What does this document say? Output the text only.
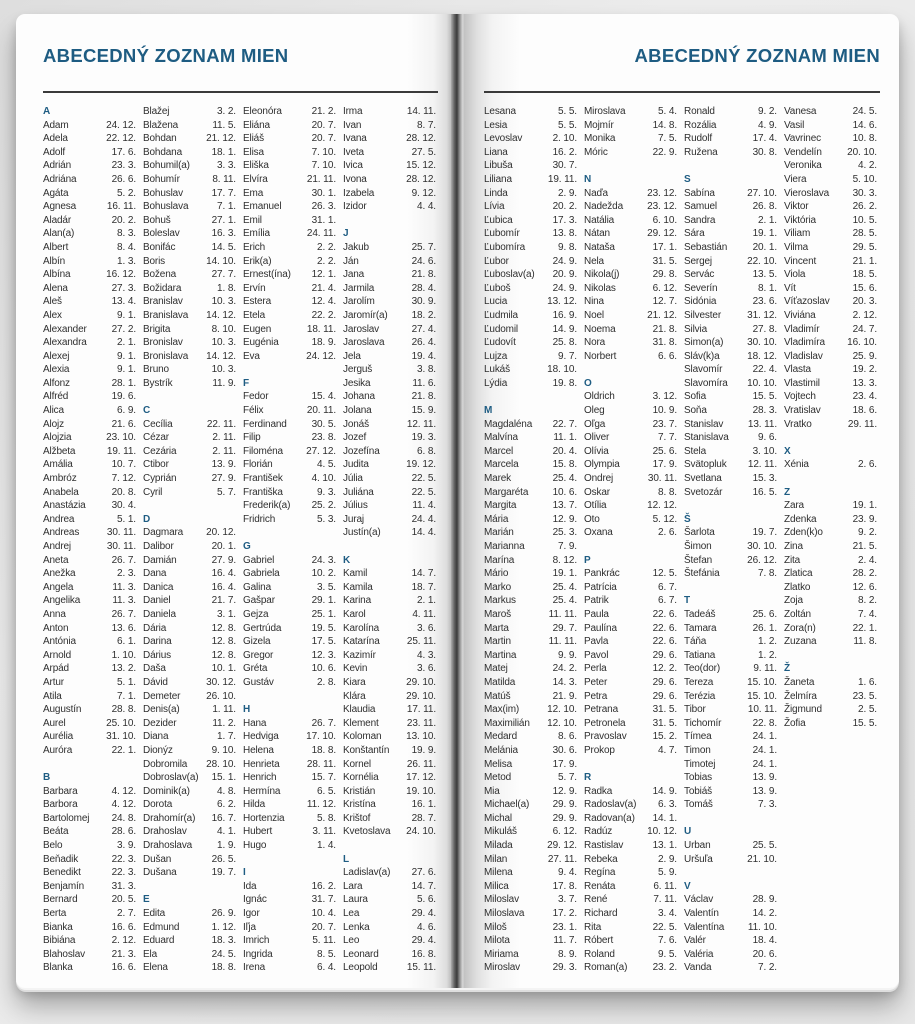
ABECEDNÝ ZOZNAM MIEN
A
Adam	24. 12.
Adela	22. 12.
Adolf	17. 6.
Adrián	23. 3.
Adriána	26. 6.
Agáta	5. 2.
Agnesa	16. 11.
Aladár	20. 2.
Alan(a)	8. 3.
Albert	8. 4.
Albín	1. 3.
Albína	16. 12.
Alena	27. 3.
Aleš	13. 4.
Alex	9. 1.
Alexander 27. 2.
Alexandra	2. 1.
Alexej	9. 1.
Alexia	9. 1.
Alfonz	28. 1.
Alfréd	19. 6.
Alica	6. 9.
Alojz	21. 6.
Alojzia	23. 10.
Alžbeta	19. 11.
Amália	10. 7.
Ambróz	7. 12.
Anabela	20. 8.
Anastázia	30. 4.
Andrea	5. 1.
Andreas	30. 11.
Andrej	30. 11.
Aneta	26. 7.
Anežka	2. 3.
Angela	11. 3.
Angelika	11. 3.
Anna	26. 7.
Anton	13. 6.
Antónia	6. 1.
Arnold	1. 10.
Arpád	13. 2.
Artur	5. 1.
Atila	7. 1.
Augustín	28. 8.
Aurel	25. 10.
Aurélia	31. 10.
Auróra	22. 1.
B
Barbara	4. 12.
Barbora	4. 12.
Bartolomej 24. 8.
Beáta	28. 6.
Belo	3. 9.
Beňadik	22. 3.
Benedikt	22. 3.
Benjamín	31. 3.
Bernard	20. 5.
Berta	2. 7.
Bianka	16. 6.
Bibiána	2. 12.
Blahoslav	21. 3.
Blanka	16. 6.
Blažej	3. 2.
Blažena	11. 5.
Bohdan	21. 12.
Bohdana	18. 1.
Bohumil(a)	3. 3.
Bohumír	8. 11.
Bohuslav	17. 7.
Bohuslava	7. 1.
Bohuš	27. 1.
Boleslav	16. 3.
Bonifác	14. 5.
Boris	14. 10.
Božena	27. 7.
Božidara	1. 8.
Branislav	10. 3.
Branislava 14. 12.
Brigita	8. 10.
Bronislav	10. 3.
Bronislava 14. 12.
Bruno	10. 3.
Bystrík	11. 9.
C
Cecília	22. 11.
Cézar	2. 11.
Cezária	2. 11.
Ctibor	13. 9.
Cyprián	27. 9.
Cyril	5. 7.
D
Dagmara 20. 12.
Dalibor	20. 1.
Damián	27. 9.
Dana	16. 4.
Danica	16. 4.
Daniel	21. 7.
Daniela	3. 1.
Dária	12. 8.
Darina	12. 8.
Dárius	12. 8.
Daša	10. 1.
Dávid	30. 12.
Demeter	26. 10.
Denis(a)	1. 11.
Dezider	11. 2.
Diana	1. 7.
Dionýz	9. 10.
Dobromila 28. 10.
Dobroslav(a) 15. 1.
Dominik(a)	4. 8.
Dorota	6. 2.
Drahomír(a) 16. 7.
Drahoslav	4. 1.
Drahoslava 1. 9.
Dušan	26. 5.
Dušana	19. 7.
E
Edita	26. 9.
Edmund	1. 12.
Eduard	18. 3.
Ela	24. 5.
Elena	18. 8.
Eleonóra	21. 2.
Eliána	20. 7.
Eliáš	20. 7.
Elisa	7. 10.
Eliška	7. 10.
Elvíra	21. 11.
Ema	30. 1.
Emanuel	26. 3.
Emil	31. 1.
Emília	24. 11.
Erich	2. 2.
Erik(a)	2. 2.
Ernest(ína) 12. 1.
Ervín	21. 4.
Estera	12. 4.
Etela	22. 2.
Eugen	18. 11.
Eugénia	18. 9.
Eva	24. 12.
F
Fedor	15. 4.
Félix	20. 11.
Ferdinand 30. 5.
Filip	23. 8.
Filoména 27. 12.
Florián	4. 5.
František	4. 10.
Františka	9. 3.
Frederik(a) 25. 2.
Fridrich	5. 3.
G
Gabriel	24. 3.
Gabriela	10. 2.
Galina	3. 5.
Gašpar	29. 1.
Gejza	25. 1.
Gertrúda	19. 5.
Gizela	17. 5.
Gregor	12. 3.
Gréta	10. 6.
Gustáv	2. 8.
H
Hana	26. 7.
Hedviga	17. 10.
Helena	18. 8.
Henrieta	28. 11.
Henrich	15. 7.
Hermína	6. 5.
Hilda	11. 12.
Hortenzia	5. 8.
Hubert	3. 11.
Hugo	1. 4.
I
Ida	16. 2.
Ignác	31. 7.
Igor	10. 4.
Iľja	20. 7.
Imrich	5. 11.
Ingrida	8. 5.
Irena	6. 4.
Irma	14. 11.
Ivan	8. 7.
Ivana	28. 12.
Iveta	27. 5.
Ivica	15. 12.
Ivona	28. 12.
Izabela	9. 12.
Izidor	4. 4.
J
Jakub	25. 7.
Ján	24. 6.
Jana	21. 8.
Jarmila	28. 4.
Jarolím	30. 9.
Jaromír(a) 18. 2.
Jaroslav	27. 4.
Jaroslava	26. 4.
Jela	19. 4.
Jerguš	3. 8.
Jesika	11. 6.
Johana	21. 8.
Jolana	15. 9.
Jonáš	12. 11.
Jozef	19. 3.
Jozefína	6. 8.
Judita	19. 12.
Júlia	22. 5.
Juliána	22. 5.
Július	11. 4.
Juraj	24. 4.
Justín(a)	14. 4.
K
Kamil	14. 7.
Kamila	18. 7.
Karina	2. 1.
Karol	4. 11.
Karolína	3. 6.
Katarína	25. 11.
Kazimír	4. 3.
Kevin	3. 6.
Kiara	29. 10.
Klára	29. 10.
Klaudia	17. 11.
Klement	23. 11.
Koloman 13. 10.
Konštantín 19. 9.
Kornel	26. 11.
Kornélia	17. 12.
Kristián	19. 10.
Kristína	16. 1.
Krištof	28. 7.
Kvetoslava 24. 10.
L
Ladislav(a) 27. 6.
Lara	14. 7.
Laura	5. 6.
Lea	29. 4.
Lenka	4. 6.
Leo	29. 4.
Leonard	16. 8.
Leopold	15. 11.
ABECEDNÝ ZOZNAM MIEN
Lesana	5. 5.
Lesia	5. 5.
Levoslav	2. 10.
Liana	16. 2.
Libuša	30. 7.
Liliana	19. 11.
Linda	2. 9.
Lívia	20. 2.
Ľubica	17. 3.
Ľubomír	13. 8.
Ľubomíra	9. 8.
Ľubor	24. 9.
Ľuboslav(a) 20. 9.
Ľuboš	24. 9.
Lucia	13. 12.
Ľudmila	16. 9.
Ľudomil	14. 9.
Ľudovít	25. 8.
Lujza	9. 7.
Lukáš	18. 10.
Lýdia	19. 8.
M
Magdaléna 22. 7.
Malvína	11. 1.
Marcel	20. 4.
Marcela	15. 8.
Marek	25. 4.
Margaréta 10. 6.
Margita	13. 7.
Mária	12. 9.
Marián	25. 3.
Marianna	7. 9.
Marína	8. 12.
Mário	19. 1.
Marko	25. 4.
Markus	25. 4.
Maroš	11. 11.
Marta	29. 7.
Martin	11. 11.
Martina	9. 9.
Matej	24. 2.
Matilda	14. 3.
Matúš	21. 9.
Max(im)	12. 10.
Maximilián 12. 10.
Medard	8. 6.
Melánia	30. 6.
Melisa	17. 9.
Metod	5. 7.
Mia	12. 9.
Michael(a) 29. 9.
Michal	29. 9.
Mikuláš	6. 12.
Milada	29. 12.
Milan	27. 11.
Milena	9. 4.
Milica	17. 8.
Miloslav	3. 7.
Miloslava	17. 2.
Miloš	23. 1.
Milota	11. 7.
Miriama	8. 9.
Miroslav	29. 3.
Miroslava	5. 4.
Mojmír	14. 8.
Monika	7. 5.
Móric	22. 9.
N
Naďa	23. 12.
Nadežda 23. 12.
Natália	6. 10.
Nátan	29. 12.
Nataša	17. 1.
Nela	31. 5.
Nikola(j)	29. 8.
Nikolas	6. 12.
Nina	12. 7.
Noel	21. 12.
Noema	21. 8.
Nora	31. 8.
Norbert	6. 6.
O
Oldrich	3. 12.
Oleg	10. 9.
Oľga	23. 7.
Oliver	7. 7.
Olívia	25. 6.
Olympia	17. 9.
Ondrej	30. 11.
Oskar	8. 8.
Otília	12. 12.
Oto	5. 12.
Oxana	2. 6.
P
Pankrác	12. 5.
Patrícia	6. 7.
Patrik	6. 7.
Paula	22. 6.
Paulína	22. 6.
Pavla	22. 6.
Pavol	29. 6.
Perla	12. 2.
Peter	29. 6.
Petra	29. 6.
Petrana	31. 5.
Petronela	31. 5.
Pravoslav	15. 2.
Prokop	4. 7.
R
Radka	14. 9.
Radoslav(a) 6. 3.
Radovan(a) 14. 1.
Radúz	10. 12.
Rastislav	13. 1.
Rebeka	2. 9.
Regína	5. 9.
Renáta	6. 11.
René	7. 11.
Richard	3. 4.
Rita	22. 5.
Róbert	7. 6.
Roland	9. 5.
Roman(a)	23. 2.
Ronald	9. 2.
Rozália	4. 9.
Rudolf	17. 4.
Ružena	30. 8.
S
Sabína	27. 10.
Samuel	26. 8.
Sandra	2. 1.
Sára	19. 1.
Sebastián	20. 1.
Sergej	22. 10.
Servác	13. 5.
Severín	8. 1.
Sidónia	23. 6.
Silvester	31. 12.
Silvia	27. 8.
Simon(a) 30. 10.
Sláv(k)a	18. 12.
Slavomír	22. 4.
Slavomíra 10. 10.
Sofia	15. 5.
Soňa	28. 3.
Stanislav 13. 11.
Stanislava	9. 6.
Stela	3. 10.
Svätopluk 12. 11.
Svetlana	15. 3.
Svetozár	16. 5.
Š
Šarlota	19. 7.
Šimon	30. 10.
Štefan	26. 12.
Štefánia	7. 8.
T
Tadeáš	25. 6.
Tamara	26. 1.
Táňa	1. 2.
Tatiana	1. 2.
Teo(dor)	9. 11.
Tereza	15. 10.
Terézia	15. 10.
Tibor	10. 11.
Tichomír	22. 8.
Tímea	24. 1.
Timon	24. 1.
Timotej	24. 1.
Tobias	13. 9.
Tobiáš	13. 9.
Tomáš	7. 3.
U
Urban	25. 5.
Uršuľa	21. 10.
V
Václav	28. 9.
Valentín	14. 2.
Valentína 11. 10.
Valér	18. 4.
Valéria	20. 6.
Vanda	7. 2.
Vanesa	24. 5.
Vasil	14. 6.
Vavrinec	10. 8.
Vendelín	20. 10.
Veronika	4. 2.
Viera	5. 10.
Vieroslava 30. 3.
Viktor	26. 2.
Viktória	10. 5.
Viliam	28. 5.
Vilma	29. 5.
Vincent	21. 1.
Viola	18. 5.
Vít	15. 6.
Víťazoslav 20. 3.
Viviána	2. 12.
Vladimír	24. 7.
Vladimíra 16. 10.
Vladislav	25. 9.
Vlasta	19. 2.
Vlastimil	13. 3.
Vojtech	23. 4.
Vratislav	18. 6.
Vratko	29. 11.
X
Xénia	2. 6.
Z
Zara	19. 1.
Zdenka	23. 9.
Zden(k)o	9. 2.
Zina	21. 5.
Zita	2. 4.
Zlatica	28. 2.
Zlatko	12. 6.
Zoja	8. 2.
Zoltán	7. 4.
Zora(n)	22. 1.
Zuzana	11. 8.
Ž
Žaneta	1. 6.
Želmíra	23. 5.
Žigmund	2. 5.
Žofia	15. 5.
